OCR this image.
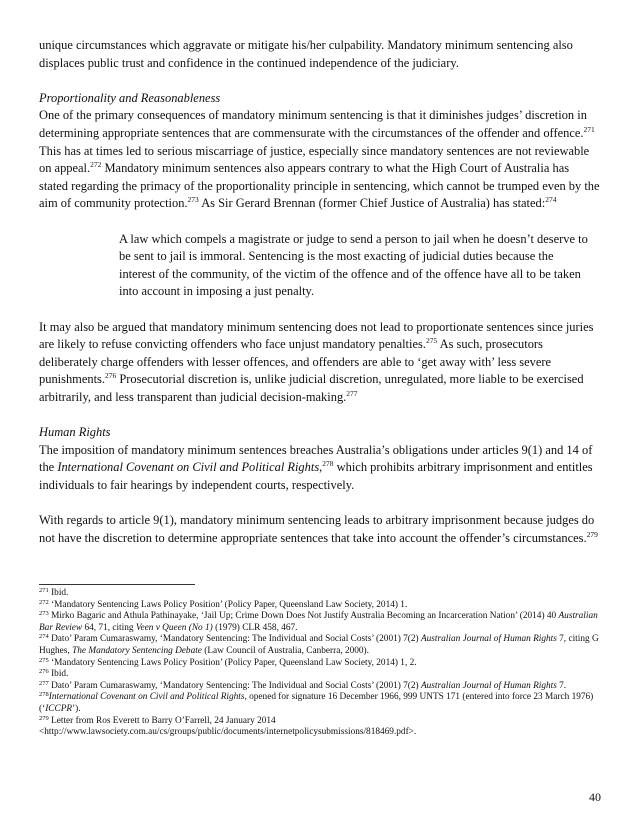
unique circumstances which aggravate or mitigate his/her culpability. Mandatory minimum sentencing also displaces public trust and confidence in the continued independence of the judiciary.

Proportionality and Reasonableness

One of the primary consequences of mandatory minimum sentencing is that it diminishes judges’ discretion in determining appropriate sentences that are commensurate with the circumstances of the offender and offence.$^{271}$ This has at times led to serious miscarriage of justice, especially since mandatory sentences are not reviewable on appeal.$^{272}$ Mandatory minimum sentences also appears contrary to what the High Court of Australia has stated regarding the primacy of the proportionality principle in sentencing, which cannot be trumped even by the aim of community protection.$^{273}$ As Sir Gerard Brennan (former Chief Justice of Australia) has stated:$^{274}$

A law which compels a magistrate or judge to send a person to jail when he doesn’t deserve to be sent to jail is immoral. Sentencing is the most exacting of judicial duties because the interest of the community, of the victim of the offence and of the offence have all to be taken into account in imposing a just penalty.

It may also be argued that mandatory minimum sentencing does not lead to proportionate sentences since juries are likely to refuse convicting offenders who face unjust mandatory penalties.$^{275}$ As such, prosecutors deliberately charge offenders with lesser offences, and offenders are able to ‘get away with’ less severe punishments.$^{276}$ Prosecutorial discretion is, unlike judicial discretion, unregulated, more liable to be exercised arbitrarily, and less transparent than judicial decision-making.$^{277}$

Human Rights

The imposition of mandatory minimum sentences breaches Australia’s obligations under articles 9(1) and 14 of the International Covenant on Civil and Political Rights,$^{278}$ which prohibits arbitrary imprisonment and entitles individuals to fair hearings by independent courts, respectively.

With regards to article 9(1), mandatory minimum sentencing leads to arbitrary imprisonment because judges do not have the discretion to determine appropriate sentences that take into account the offender’s circumstances.$^{279}$

$^{271}$ Ibid.

$^{272}$ ‘Mandatory Sentencing Laws Policy Position’ (Policy Paper, Queensland Law Society, 2014) 1.

$^{273}$ Mirko Bagaric and Athula Pathinayake, ‘Jail Up; Crime Down Does Not Justify Australia Becoming an Incarceration Nation’ (2014) 40 Australian Bar Review 64, 71, citing Veen v Queen (No 1) (1979) CLR 458, 467.

$^{274}$ Dato’ Param Cumaraswamy, ‘Mandatory Sentencing: The Individual and Social Costs’ (2001) 7(2) Australian Journal of Human Rights 7, citing G Hughes, The Mandatory Sentencing Debate (Law Council of Australia, Canberra, 2000).

$^{275}$ ‘Mandatory Sentencing Laws Policy Position’ (Policy Paper, Queensland Law Society, 2014) 1, 2.

$^{276}$ Ibid.

$^{277}$ Dato’ Param Cumaraswamy, ‘Mandatory Sentencing: The Individual and Social Costs’ (2001) 7(2) Australian Journal of Human Rights 7.

$^{278}$International Covenant on Civil and Political Rights, opened for signature 16 December 1966, 999 UNTS 171 (entered into force 23 March 1976) (‘ICCPR’).

$^{279}$ Letter from Ros Everett to Barry O’Farrell, 24 January 2014

<http://www.lawsociety.com.au/cs/groups/public/documents/internetpolicysubmissions/818469.pdf>.

40
